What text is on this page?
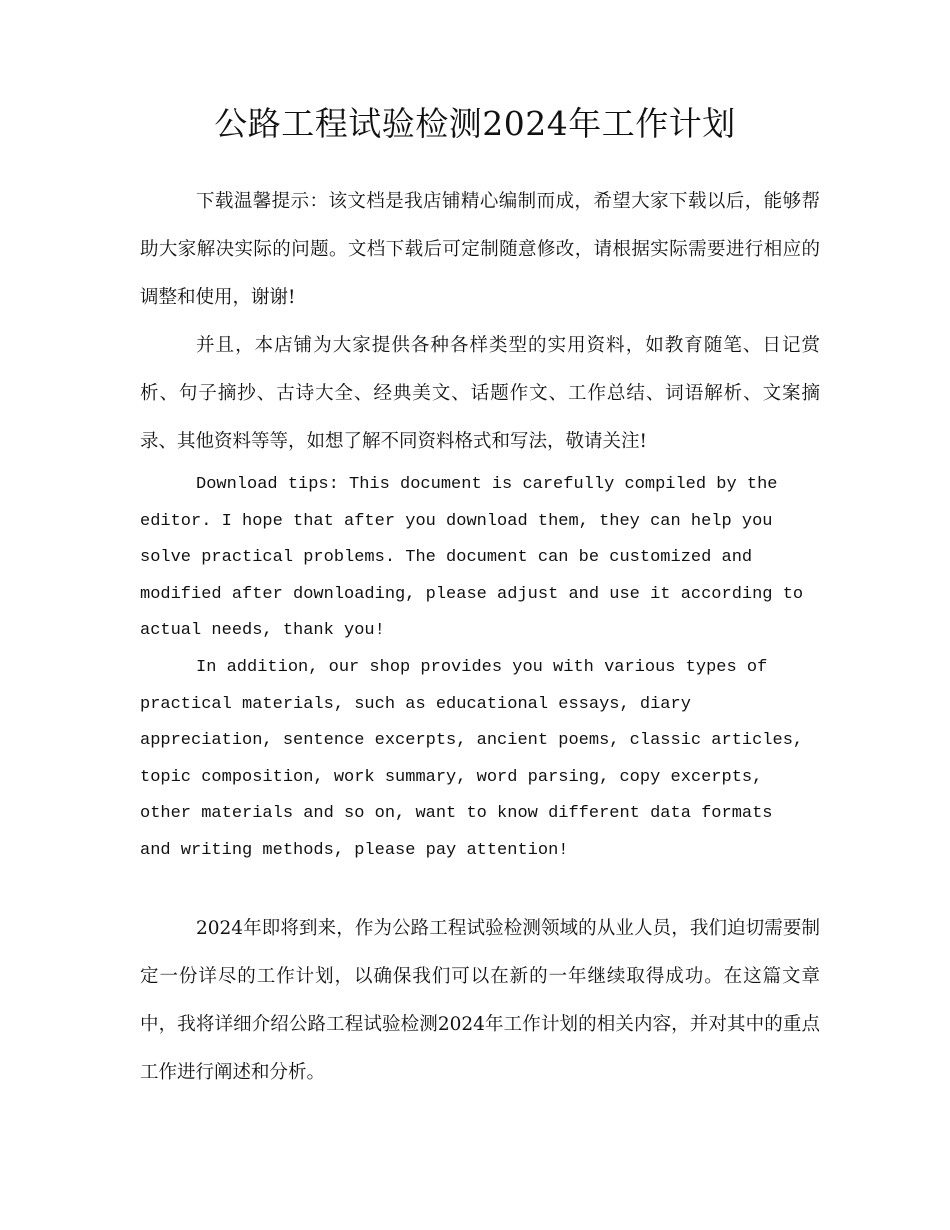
公路工程试验检测2024年工作计划

下载温馨提示：该文档是我店铺精心编制而成，希望大家下载以后，能够帮助大家解决实际的问题。文档下载后可定制随意修改，请根据实际需要进行相应的调整和使用，谢谢!

并且，本店铺为大家提供各种各样类型的实用资料，如教育随笔、日记赏析、句子摘抄、古诗大全、经典美文、话题作文、工作总结、词语解析、文案摘录、其他资料等等，如想了解不同资料格式和写法，敬请关注!

Download tips: This document is carefully compiled by the editor. I hope that after you download them, they can help you solve practical problems. The document can be customized and modified after downloading, please adjust and use it according to actual needs, thank you!

In addition, our shop provides you with various types of practical materials, such as educational essays, diary appreciation, sentence excerpts, ancient poems, classic articles, topic composition, work summary, word parsing, copy excerpts, other materials and so on, want to know different data formats and writing methods, please pay attention!

2024年即将到来，作为公路工程试验检测领域的从业人员，我们迫切需要制定一份详尽的工作计划，以确保我们可以在新的一年继续取得成功。在这篇文章中，我将详细介绍公路工程试验检测2024年工作计划的相关内容，并对其中的重点工作进行阐述和分析。
